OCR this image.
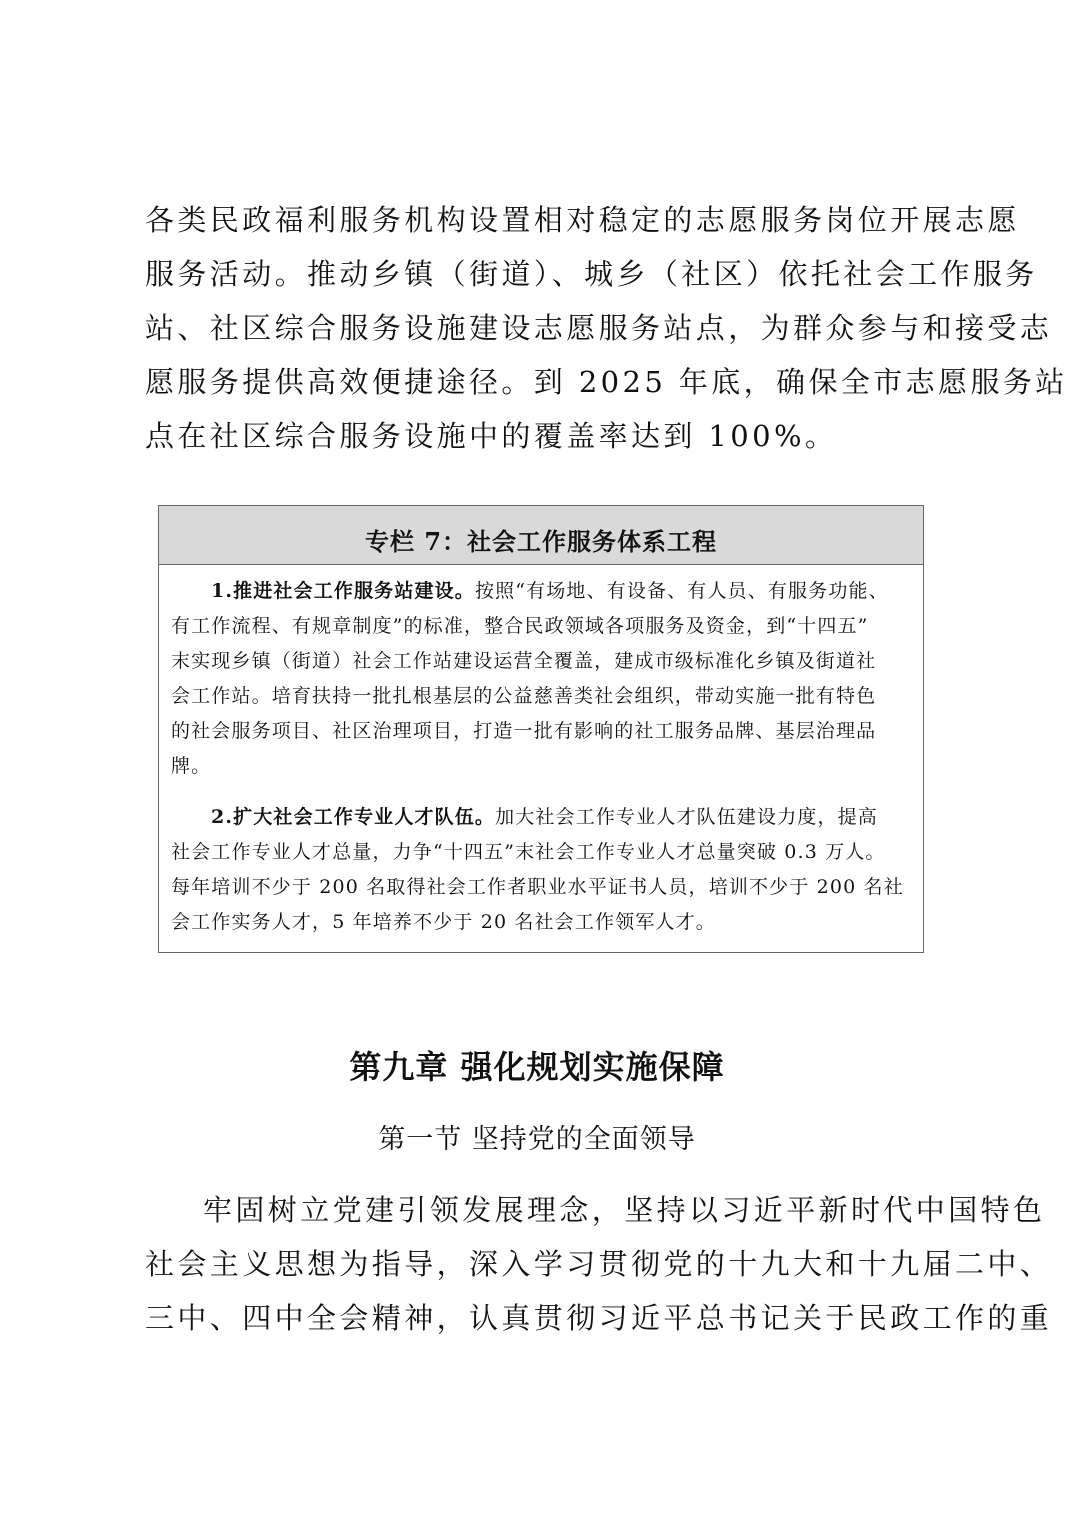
各类民政福利服务机构设置相对稳定的志愿服务岗位开展志愿
服务活动。推动乡镇（街道）、城乡（社区）依托社会工作服务
站、社区综合服务设施建设志愿服务站点，为群众参与和接受志
愿服务提供高效便捷途径。到 2025 年底，确保全市志愿服务站
点在社区综合服务设施中的覆盖率达到 100%。
专栏 7：社会工作服务体系工程
1.推进社会工作服务站建设。按照“有场地、有设备、有人员、有服务功能、
有工作流程、有规章制度”的标准，整合民政领域各项服务及资金，到“十四五”
末实现乡镇（街道）社会工作站建设运营全覆盖，建成市级标准化乡镇及街道社
会工作站。培育扶持一批扎根基层的公益慈善类社会组织，带动实施一批有特色
的社会服务项目、社区治理项目，打造一批有影响的社工服务品牌、基层治理品
牌。
2.扩大社会工作专业人才队伍。加大社会工作专业人才队伍建设力度，提高
社会工作专业人才总量，力争“十四五”末社会工作专业人才总量突破 0.3 万人。
每年培训不少于 200 名取得社会工作者职业水平证书人员，培训不少于 200 名社
会工作实务人才，5 年培养不少于 20 名社会工作领军人才。
第九章 强化规划实施保障
第一节 坚持党的全面领导
牢固树立党建引领发展理念，坚持以习近平新时代中国特色
社会主义思想为指导，深入学习贯彻党的十九大和十九届二中、
三中、四中全会精神，认真贯彻习近平总书记关于民政工作的重
